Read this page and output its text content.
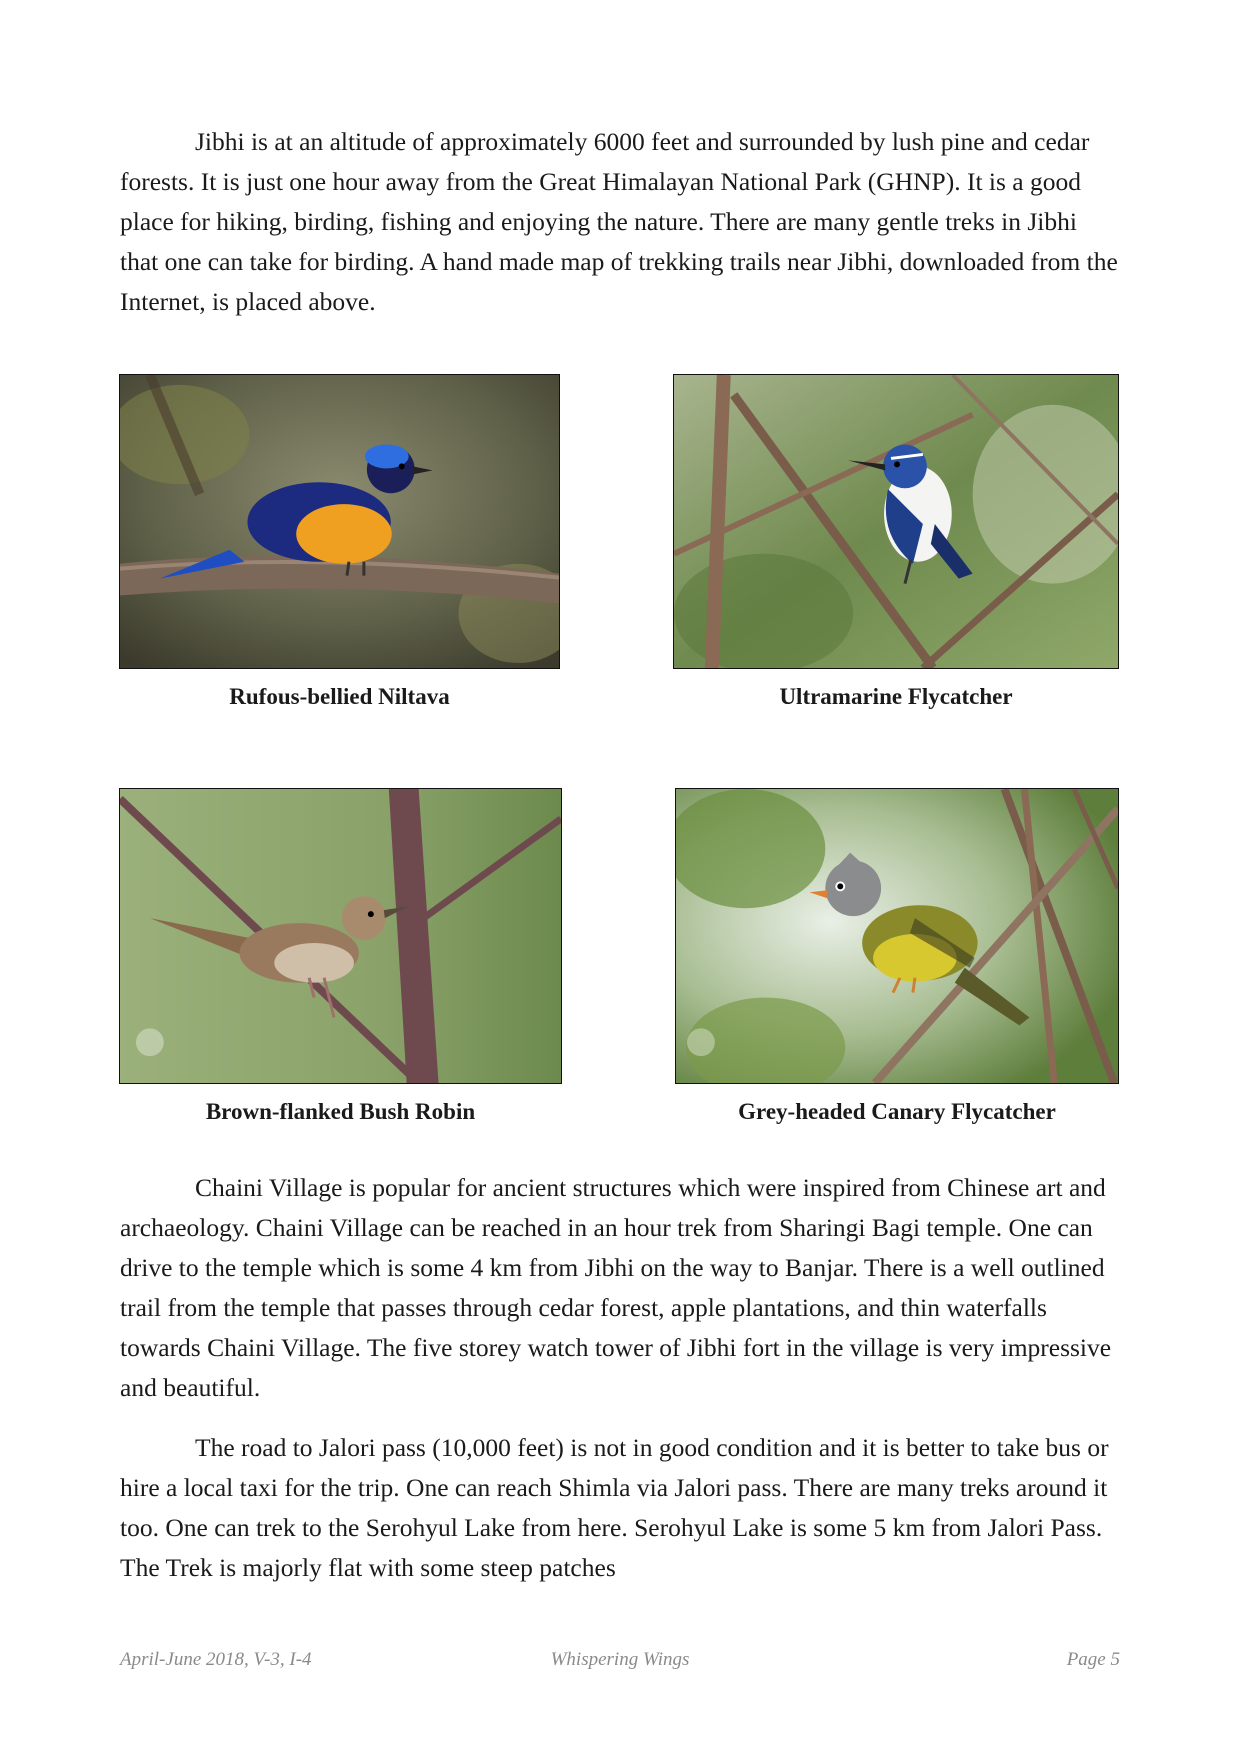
Jibhi is at an altitude of approximately 6000 feet and surrounded by lush pine and cedar forests. It is just one hour away from the Great Himalayan National Park (GHNP). It is a good place for hiking, birding, fishing and enjoying the nature. There are many gentle treks in Jibhi that one can take for birding. A hand made map of trekking trails near Jibhi, downloaded from the Internet, is placed above.

Rufous-bellied Niltava	Ultramarine Flycatcher
Brown-flanked Bush Robin	Grey-headed Canary Flycatcher

Chaini Village is popular for ancient structures which were inspired from Chinese art and archaeology. Chaini Village can be reached in an hour trek from Sharingi Bagi temple. One can drive to the temple which is some 4 km from Jibhi on the way to Banjar. There is a well outlined trail from the temple that passes through cedar forest, apple plantations, and thin waterfalls towards Chaini Village. The five storey watch tower of Jibhi fort in the village is very impressive and beautiful.

The road to Jalori pass (10,000 feet) is not in good condition and it is better to take bus or hire a local taxi for the trip. One can reach Shimla via Jalori pass. There are many treks around it too. One can trek to the Serohyul Lake from here. Serohyul Lake is some 5 km from Jalori Pass. The Trek is majorly flat with some steep patches

April-June 2018, V-3, I-4	Whispering Wings	Page 5
